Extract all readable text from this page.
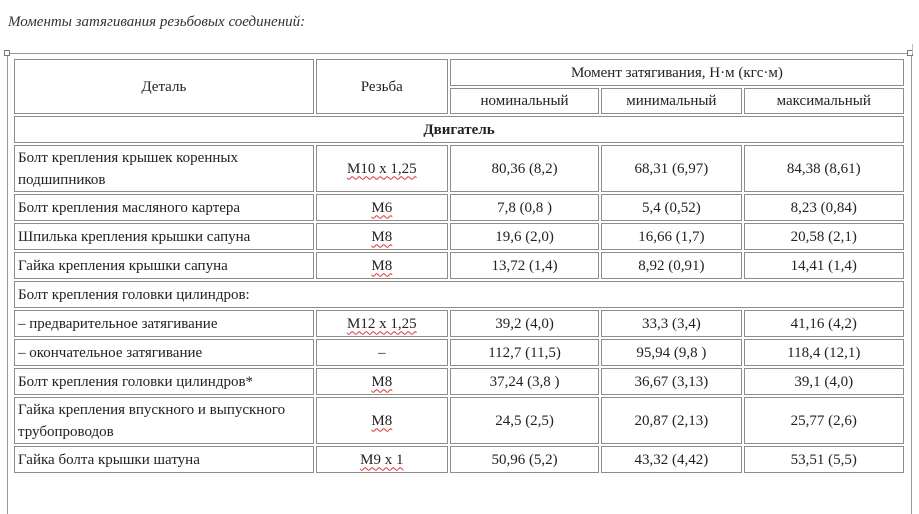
Моменты затягивания резьбовых соединений:
Деталь	Резьба	Момент затягивания, Н·м (кгс·м)		
		номинальный	минимальный	максимальный
Двигатель				
Болт крепления крышек коренных подшипников	М10 х 1,25	80,36 (8,2)	68,31 (6,97)	84,38 (8,61)
Болт крепления масляного картера	М6	7,8 (0,8 )	5,4 (0,52)	8,23 (0,84)
Шпилька крепления крышки сапуна	М8	19,6 (2,0)	16,66 (1,7)	20,58 (2,1)
Гайка крепления крышки сапуна	М8	13,72 (1,4)	8,92 (0,91)	14,41 (1,4)
Болт крепления головки цилиндров:				
– предварительное затягивание	М12 х 1,25	39,2 (4,0)	33,3 (3,4)	41,16 (4,2)
– окончательное затягивание	–	112,7 (11,5)	95,94 (9,8 )	118,4 (12,1)
Болт крепления головки цилиндров*	М8	37,24 (3,8 )	36,67 (3,13)	39,1 (4,0)
Гайка крепления впускного и выпускного трубопроводов	М8	24,5 (2,5)	20,87 (2,13)	25,77 (2,6)
Гайка болта крышки шатуна	М9 х 1	50,96 (5,2)	43,32 (4,42)	53,51 (5,5)
